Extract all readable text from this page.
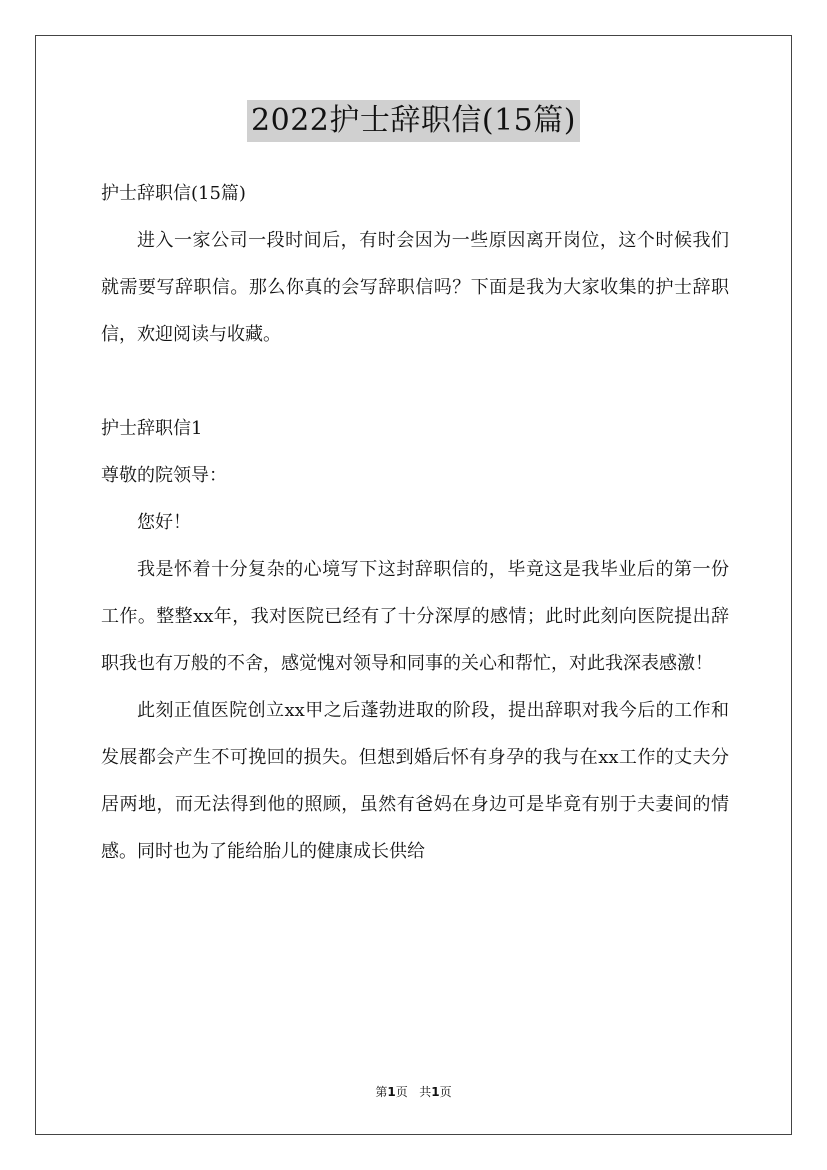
2022护士辞职信(15篇)

护士辞职信(15篇)

进入一家公司一段时间后，有时会因为一些原因离开岗位，这个时候我们就需要写辞职信。那么你真的会写辞职信吗？下面是我为大家收集的护士辞职信，欢迎阅读与收藏。

护士辞职信1

尊敬的院领导：

您好！

我是怀着十分复杂的心境写下这封辞职信的，毕竟这是我毕业后的第一份工作。整整xx年，我对医院已经有了十分深厚的感情；此时此刻向医院提出辞职我也有万般的不舍，感觉愧对领导和同事的关心和帮忙，对此我深表感激！

此刻正值医院创立xx甲之后蓬勃进取的阶段，提出辞职对我今后的工作和发展都会产生不可挽回的损失。但想到婚后怀有身孕的我与在xx工作的丈夫分居两地，而无法得到他的照顾，虽然有爸妈在身边可是毕竟有别于夫妻间的情感。同时也为了能给胎儿的健康成长供给

第1页 共1页
